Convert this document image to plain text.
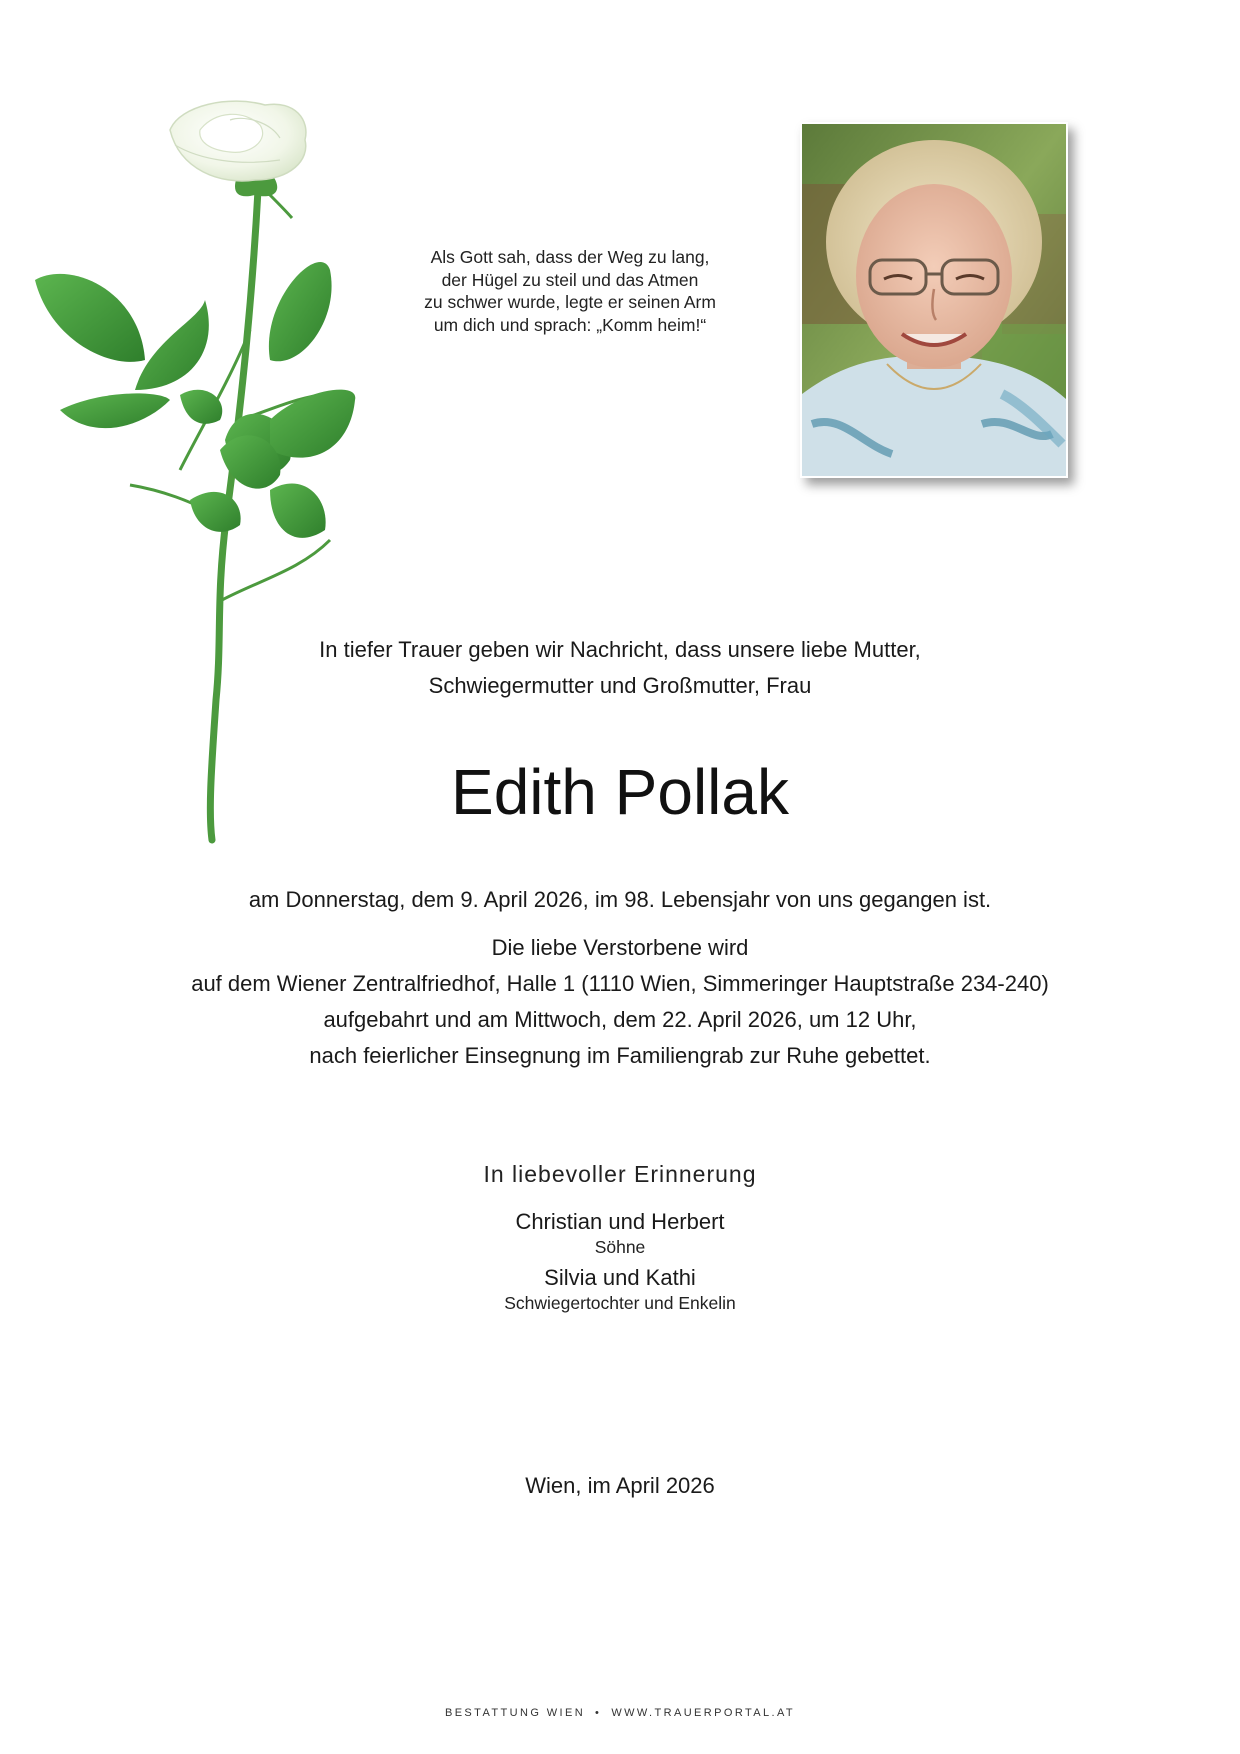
Als Gott sah, dass der Weg zu lang,
der Hügel zu steil und das Atmen
zu schwer wurde, legte er seinen Arm
um dich und sprach: „Komm heim!“
In tiefer Trauer geben wir Nachricht, dass unsere liebe Mutter,
Schwiegermutter und Großmutter, Frau
Edith Pollak
am Donnerstag, dem 9. April 2026, im 98. Lebensjahr von uns gegangen ist.
Die liebe Verstorbene wird
auf dem Wiener Zentralfriedhof, Halle 1 (1110 Wien, Simmeringer Hauptstraße 234-240)
aufgebahrt und am Mittwoch, dem 22. April 2026, um 12 Uhr,
nach feierlicher Einsegnung im Familiengrab zur Ruhe gebettet.
In liebevoller Erinnerung
Christian und Herbert
Söhne
Silvia und Kathi
Schwiegertochter und Enkelin
Wien, im April 2026
BESTATTUNG WIEN • WWW.TRAUERPORTAL.AT
